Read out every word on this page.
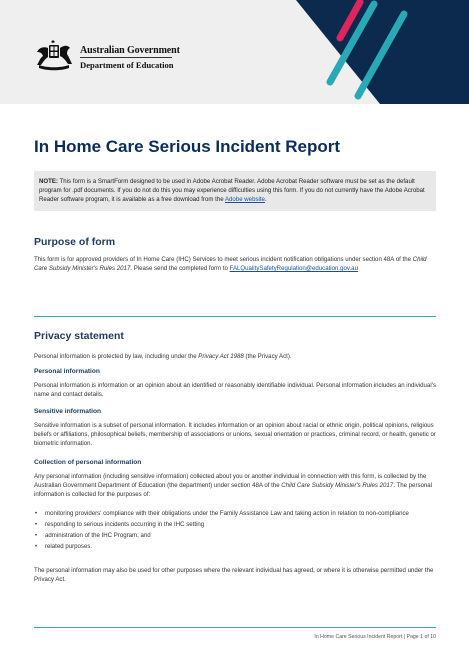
Australian Government
Department of Education
In Home Care Serious Incident Report
NOTE: This form is a SmartForm designed to be used in Adobe Acrobat Reader. Adobe Acrobat Reader software must be set as the default program for .pdf documents. If you do not do this you may experience difficulties using this form. If you do not currently have the Adobe Acrobat Reader software program, it is available as a free download from the Adobe website.
Purpose of form

This form is for approved providers of In Home Care (IHC) Services to meet serious incident notification obligations under section 48A of the Child Care Subsidy Minister's Rules 2017. Please send the completed form to FALQualitySafetyRegulation@education.gov.au

Privacy statement

Personal information is protected by law, including under the Privacy Act 1988 (the Privacy Act).

Personal information

Personal information is information or an opinion about an identified or reasonably identifiable individual. Personal information includes an individual's name and contact details.

Sensitive information

Sensitive information is a subset of personal information. It includes information or an opinion about racial or ethnic origin, political opinions, religious beliefs or affiliations, philosophical beliefs, membership of associations or unions, sexual orientation or practices, criminal record, or health, genetic or biometric information.

Collection of personal information

Any personal information (including sensitive information) collected about you or another individual in connection with this form, is collected by the Australian Government Department of Education (the department) under section 48A of the Child Care Subsidy Minister's Rules 2017. The personal information is collected for the purposes of:

• monitoring providers' compliance with their obligations under the Family Assistance Law and taking action in relation to non-compliance
• responding to serious incidents occurring in the IHC setting
• administration of the IHC Program, and
• related purposes.

The personal information may also be used for other purposes where the relevant individual has agreed, or where it is otherwise permitted under the Privacy Act.

In Home Care Serious Incident Report | Page 1 of 10
